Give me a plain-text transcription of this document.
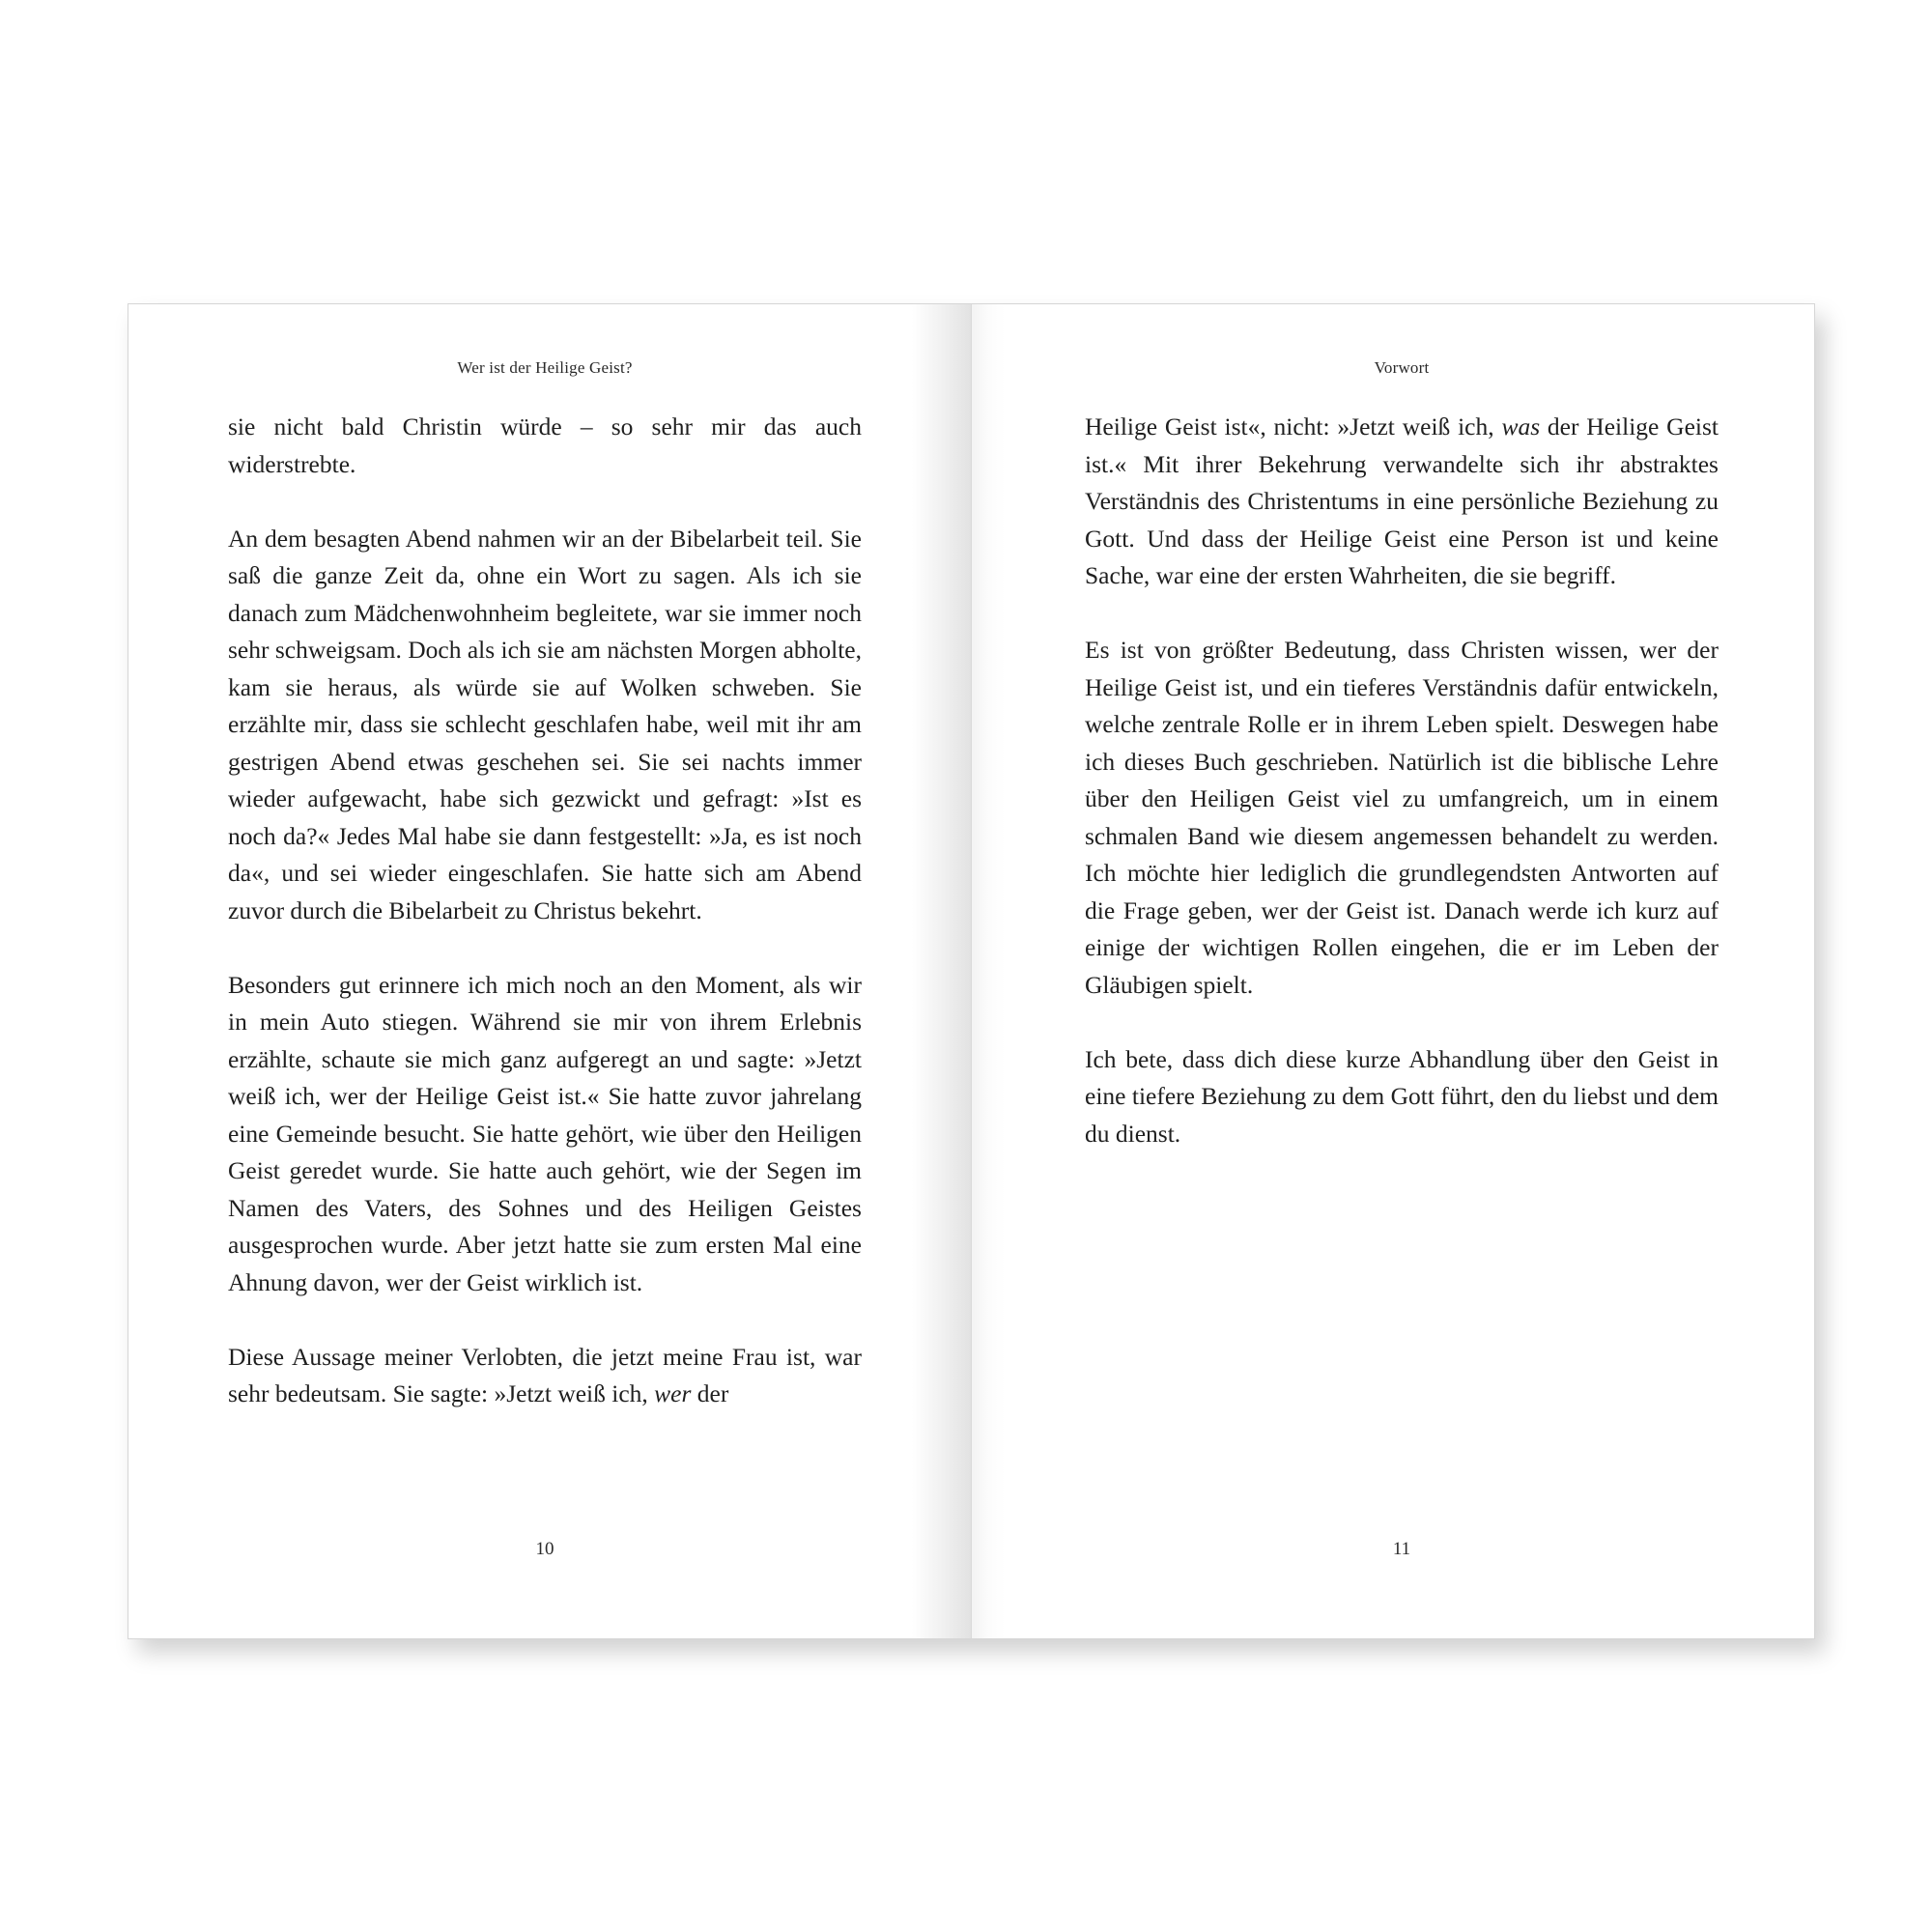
Wer ist der Heilige Geist?

sie nicht bald Christin würde – so sehr mir das auch widerstrebte.

An dem besagten Abend nahmen wir an der Bibelarbeit teil. Sie saß die ganze Zeit da, ohne ein Wort zu sagen. Als ich sie danach zum Mädchenwohnheim begleitete, war sie immer noch sehr schweigsam. Doch als ich sie am nächsten Morgen abholte, kam sie heraus, als würde sie auf Wolken schweben. Sie erzählte mir, dass sie schlecht geschlafen habe, weil mit ihr am gestrigen Abend etwas geschehen sei. Sie sei nachts immer wieder aufgewacht, habe sich gezwickt und gefragt: »Ist es noch da?« Jedes Mal habe sie dann festgestellt: »Ja, es ist noch da«, und sei wieder eingeschlafen. Sie hatte sich am Abend zuvor durch die Bibelarbeit zu Christus bekehrt.

Besonders gut erinnere ich mich noch an den Moment, als wir in mein Auto stiegen. Während sie mir von ihrem Erlebnis erzählte, schaute sie mich ganz aufgeregt an und sagte: »Jetzt weiß ich, wer der Heilige Geist ist.« Sie hatte zuvor jahrelang eine Gemeinde besucht. Sie hatte gehört, wie über den Heiligen Geist geredet wurde. Sie hatte auch gehört, wie der Segen im Namen des Vaters, des Sohnes und des Heiligen Geistes ausgesprochen wurde. Aber jetzt hatte sie zum ersten Mal eine Ahnung davon, wer der Geist wirklich ist.

Diese Aussage meiner Verlobten, die jetzt meine Frau ist, war sehr bedeutsam. Sie sagte: »Jetzt weiß ich, wer der

10
Vorwort

Heilige Geist ist«, nicht: »Jetzt weiß ich, was der Heilige Geist ist.« Mit ihrer Bekehrung verwandelte sich ihr abstraktes Verständnis des Christentums in eine persönliche Beziehung zu Gott. Und dass der Heilige Geist eine Person ist und keine Sache, war eine der ersten Wahrheiten, die sie begriff.

Es ist von größter Bedeutung, dass Christen wissen, wer der Heilige Geist ist, und ein tieferes Verständnis dafür entwickeln, welche zentrale Rolle er in ihrem Leben spielt. Deswegen habe ich dieses Buch geschrieben. Natürlich ist die biblische Lehre über den Heiligen Geist viel zu umfangreich, um in einem schmalen Band wie diesem angemessen behandelt zu werden. Ich möchte hier lediglich die grundlegendsten Antworten auf die Frage geben, wer der Geist ist. Danach werde ich kurz auf einige der wichtigen Rollen eingehen, die er im Leben der Gläubigen spielt.

Ich bete, dass dich diese kurze Abhandlung über den Geist in eine tiefere Beziehung zu dem Gott führt, den du liebst und dem du dienst.

11
